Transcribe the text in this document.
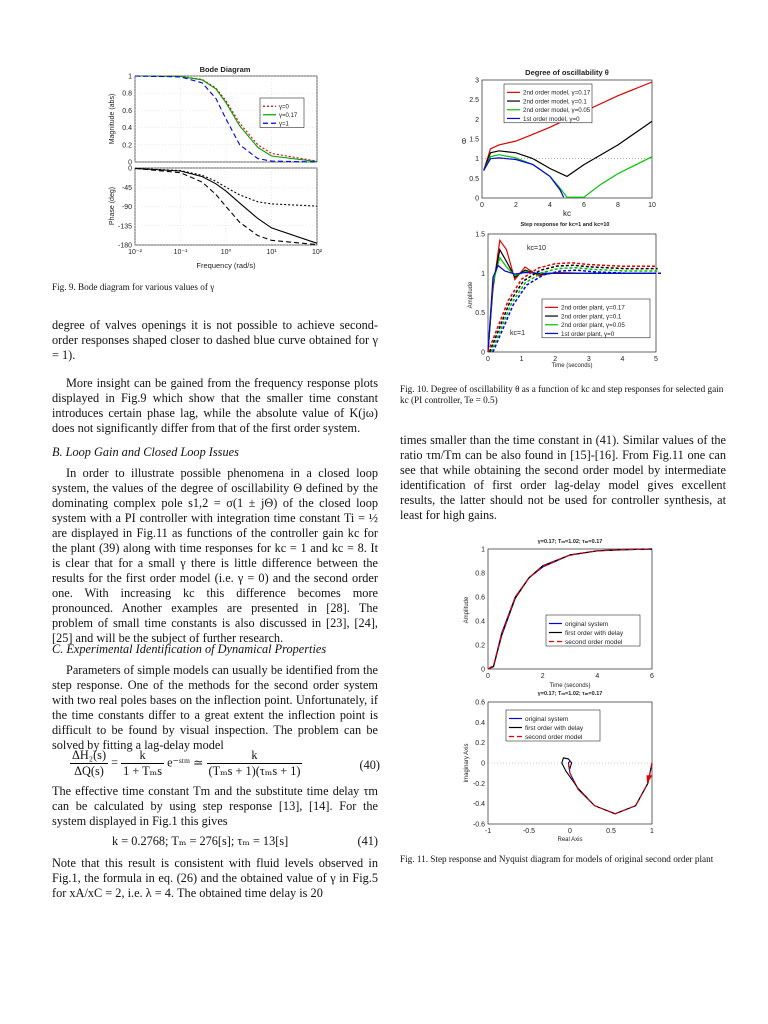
Bode Diagram
0
0.2
0.4
0.6
0.8
1
-180
-135
-90
-45
0
10⁻²	10⁻¹	10⁰	10¹	10²
Magnitude (abs)
Phase (deg)
Frequency (rad/s)
γ=0
γ=0.17
γ=1
Fig. 9. Bode diagram for various values of γ

degree of valves openings it is not possible to achieve second-order responses shaped closer to dashed blue curve obtained for γ = 1).

More insight can be gained from the frequency response plots displayed in Fig.9 which show that the smaller time constant introduces certain phase lag, while the absolute value of K(jω) does not significantly differ from that of the first order system.

B. Loop Gain and Closed Loop Issues

In order to illustrate possible phenomena in a closed loop system, the values of the degree of oscillability Θ defined by the dominating complex pole s1,2 = σ(1 ± jΘ) of the closed loop system with a PI controller with integration time constant Ti = ½ are displayed in Fig.11 as functions of the controller gain kc for the plant (39) along with time responses for kc = 1 and kc = 8. It is clear that for a small γ there is little difference between the results for the first order model (i.e. γ = 0) and the second order one. With increasing kc this difference becomes more pronounced. Another examples are presented in [28]. The problem of small time constants is also discussed in [23], [24], [25] and will be the subject of further research.

C. Experimental Identification of Dynamical Properties

Parameters of simple models can usually be identified from the step response. One of the methods for the second order system with two real poles bases on the inflection point. Unfortunately, if the time constants differ to a great extent the inflection point is difficult to be found by visual inspection. The problem can be solved by fitting a lag-delay model

$\frac{\text{ΔH₂(s)}}{\Delta Q(s)} = \frac{k}{\text{1 + Tₘs}}$ e⁻ˢᵗᵐ ≃ $\frac{k}{\text{(Tₘs + 1)(τₘs + 1)}}$	(40)

The effective time constant Tm and the substitute time delay τm can be calculated by using step response [13], [14]. For the system displayed in Fig.1 this gives

k = 0.2768; Tₘ = 276[s]; τₘ = 13[s]	(41)

Note that this result is consistent with fluid levels observed in Fig.1, the formula in eq. (26) and the obtained value of γ in Fig.5 for xA/xC = 2, i.e. λ = 4. The obtained time delay is 20

Degree of oscillability θ
0
0.5
1
1.5
2
2.5
3
0	2	4	6	8	10
θ
kc
2nd order model, γ=0.17
2nd order model, γ=0.1
2nd order model, γ=0.05
1st order model, γ=0
Step response for kc=1 and kc=10
0
0.5
1
1.5
0	1	2	3	4	5
kc=10
kc=1
Amplitude
Time (seconds)
2nd order plant, γ=0.17
2nd order plant, γ=0.1
2nd order plant, γ=0.05
1st order plant, γ=0
Fig. 10. Degree of oscillability θ as a function of kc and step responses for selected gain kc (PI controller, Te = 0.5)

times smaller than the time constant in (41). Similar values of the ratio τm/Tm can be also found in [15]-[16]. From Fig.11 one can see that while obtaining the second order model by intermediate identification of first order lag-delay model gives excellent results, the latter should not be used for controller synthesis, at least for high gains.

γ=0.17; Tₘ=1.02; τₘ=0.17
0
0.2
0.4
0.6
0.8
1
0	2	4	6
Amplitude
Time (seconds)
original system
first order with delay
second order model
γ=0.17; Tₘ=1.02; τₘ=0.17
-0.6
-0.4
-0.2
0
0.2
0.4
0.6
-1	-0.5	0	0.5	1
Imaginary Axis
Real Axis
original system
first order with delay
second order model
Fig. 11. Step response and Nyquist diagram for models of original second order plant
